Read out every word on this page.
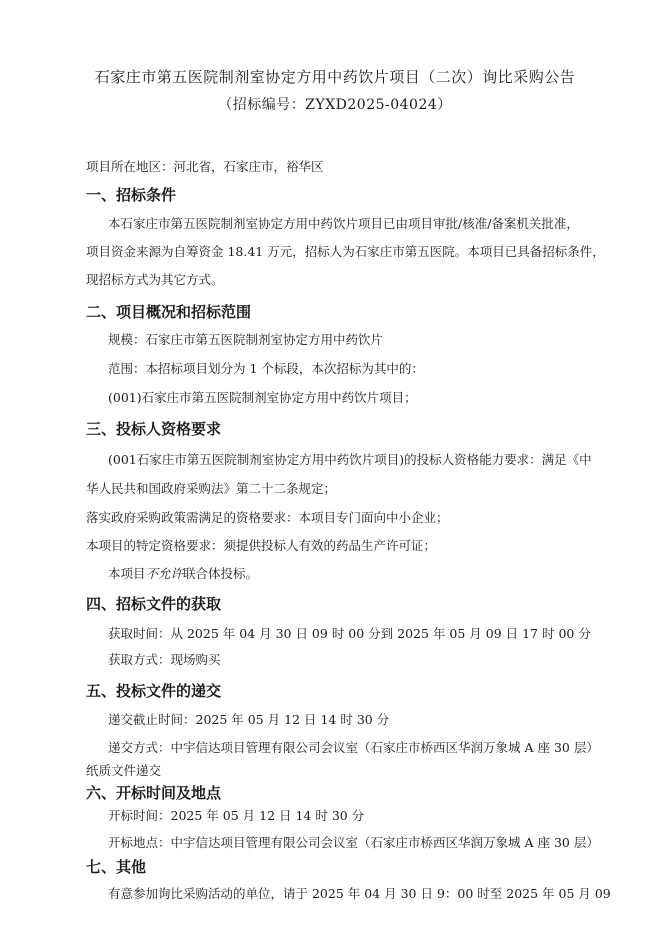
石家庄市第五医院制剂室协定方用中药饮片项目（二次）询比采购公告
（招标编号：ZYXD2025-04024）
项目所在地区：河北省，石家庄市，裕华区
一、招标条件
本石家庄市第五医院制剂室协定方用中药饮片项目已由项目审批/核准/备案机关批准，
项目资金来源为自筹资金 18.41 万元，招标人为石家庄市第五医院。本项目已具备招标条件，
现招标方式为其它方式。
二、项目概况和招标范围
规模：石家庄市第五医院制剂室协定方用中药饮片
范围：本招标项目划分为 1 个标段，本次招标为其中的：
(001)石家庄市第五医院制剂室协定方用中药饮片项目；
三、投标人资格要求
(001石家庄市第五医院制剂室协定方用中药饮片项目)的投标人资格能力要求：满足《中
华人民共和国政府采购法》第二十二条规定；
落实政府采购政策需满足的资格要求：本项目专门面向中小企业；
本项目的特定资格要求：须提供投标人有效的药品生产许可证；
本项目不允许联合体投标。
四、招标文件的获取
获取时间：从 2025 年 04 月 30 日 09 时 00 分到 2025 年 05 月 09 日 17 时 00 分
获取方式：现场购买
五、投标文件的递交
递交截止时间：2025 年 05 月 12 日 14 时 30 分
递交方式：中宇信达项目管理有限公司会议室（石家庄市桥西区华润万象城 A 座 30 层）
纸质文件递交
六、开标时间及地点
开标时间：2025 年 05 月 12 日 14 时 30 分
开标地点：中宇信达项目管理有限公司会议室（石家庄市桥西区华润万象城 A 座 30 层）
七、其他
有意参加询比采购活动的单位，请于 2025 年 04 月 30 日 9：00 时至 2025 年 05 月 09
